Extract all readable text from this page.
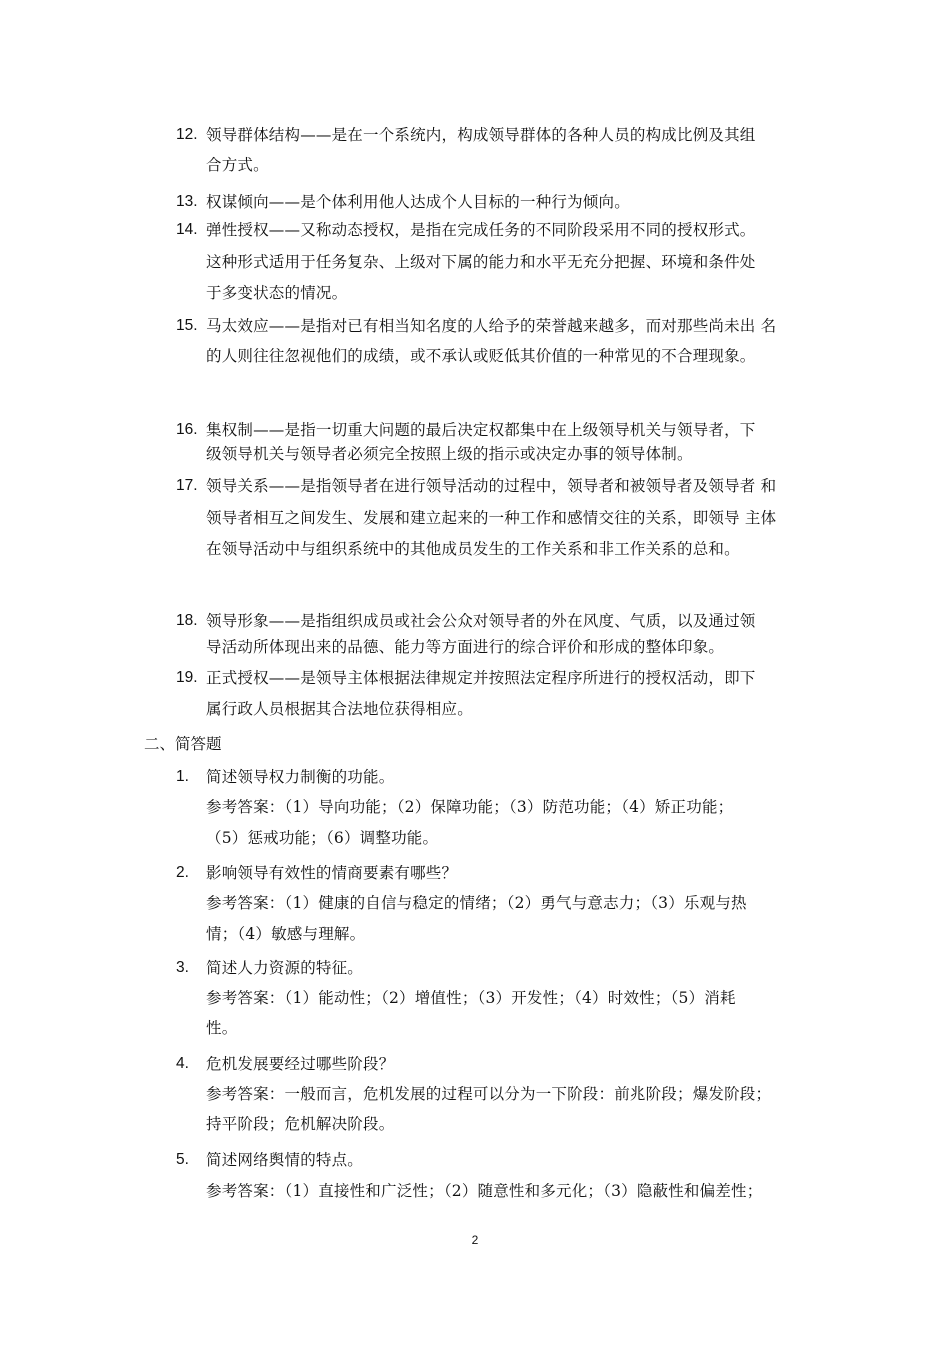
12. 领导群体结构——是在一个系统内，构成领导群体的各种人员的构成比例及其组
合方式。
13. 权谋倾向——是个体利用他人达成个人目标的一种行为倾向。
14. 弹性授权——又称动态授权，是指在完成任务的不同阶段采用不同的授权形式。
这种形式适用于任务复杂、上级对下属的能力和水平无充分把握、环境和条件处
于多变状态的情况。
15. 马太效应——是指对已有相当知名度的人给予的荣誉越来越多，而对那些尚未出 名
的人则往往忽视他们的成绩，或不承认或贬低其价值的一种常见的不合理现象。
16. 集权制——是指一切重大问题的最后决定权都集中在上级领导机关与领导者，下
级领导机关与领导者必须完全按照上级的指示或决定办事的领导体制。
17. 领导关系——是指领导者在进行领导活动的过程中，领导者和被领导者及领导者 和
领导者相互之间发生、发展和建立起来的一种工作和感情交往的关系，即领导 主体
在领导活动中与组织系统中的其他成员发生的工作关系和非工作关系的总和。
18. 领导形象——是指组织成员或社会公众对领导者的外在风度、气质，以及通过领
导活动所体现出来的品德、能力等方面进行的综合评价和形成的整体印象。
19. 正式授权——是领导主体根据法律规定并按照法定程序所进行的授权活动，即下
属行政人员根据其合法地位获得相应。
二、简答题
1. 简述领导权力制衡的功能。
参考答案：（1）导向功能；（2）保障功能；（3）防范功能；（4）矫正功能；
（5）惩戒功能；（6）调整功能。
2. 影响领导有效性的情商要素有哪些？
参考答案：（1）健康的自信与稳定的情绪；（2）勇气与意志力；（3）乐观与热
情；（4）敏感与理解。
3. 简述人力资源的特征。
参考答案：（1）能动性；（2）增值性；（3）开发性；（4）时效性；（5）消耗
性。
4. 危机发展要经过哪些阶段？
参考答案：一般而言，危机发展的过程可以分为一下阶段：前兆阶段；爆发阶段；
持平阶段；危机解决阶段。
5. 简述网络舆情的特点。
参考答案：（1）直接性和广泛性；（2）随意性和多元化；（3）隐蔽性和偏差性；
2
